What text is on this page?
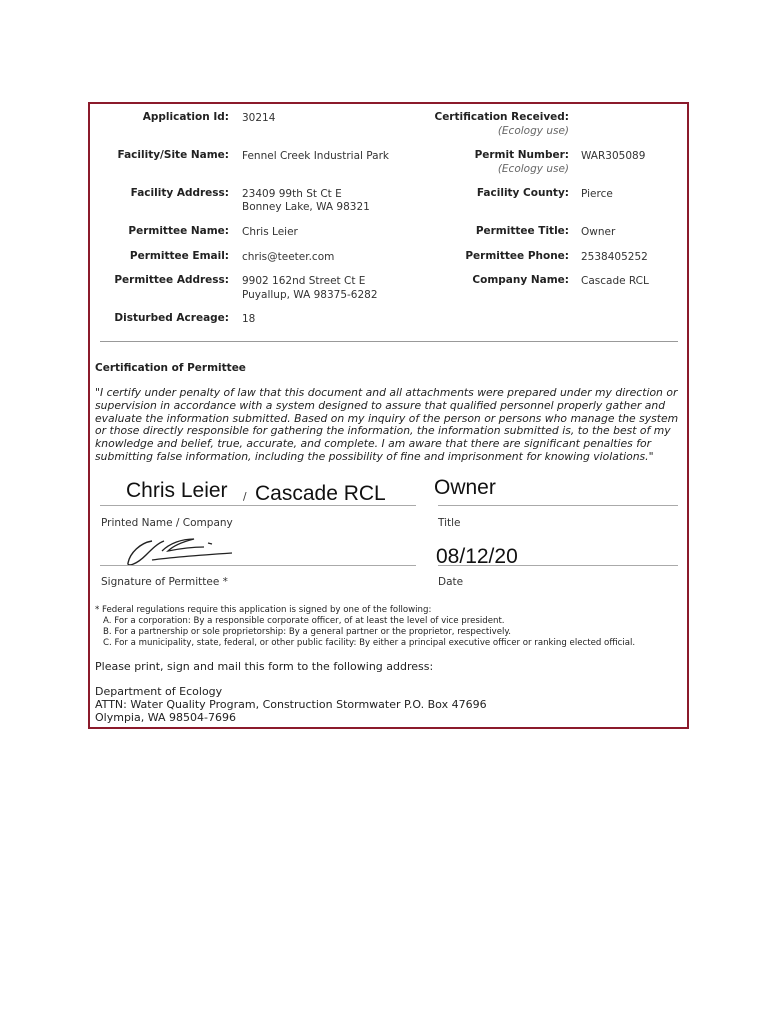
Application Id:
Facility/Site Name:
Facility Address:
Permittee Name:
Permittee Email:
Permittee Address:
Disturbed Acreage:
30214
Fennel Creek Industrial Park
23409 99th St Ct E
Bonney Lake, WA 98321
Chris Leier
chris@teeter.com
9902 162nd Street Ct E
Puyallup, WA 98375-6282
18
Certification Received:
(Ecology use)
Permit Number:
(Ecology use)
Facility County:
Permittee Title:
Permittee Phone:
Company Name:
WAR305089
Pierce
Owner
2538405252
Cascade RCL
Certification of Permittee
"I certify under penalty of law that this document and all attachments were prepared under my direction or supervision in accordance with a system designed to assure that qualified personnel properly gather and evaluate the information submitted. Based on my inquiry of the person or persons who manage the system or those directly responsible for gathering the information, the information submitted is, to the best of my knowledge and belief, true, accurate, and complete. I am aware that there are significant penalties for submitting false information, including the possibility of fine and imprisonment for knowing violations."
Chris Leier / Cascade RCL
Printed Name / Company
Owner
Title
Signature of Permittee *
08/12/20
Date
* Federal regulations require this application is signed by one of the following:
A. For a corporation: By a responsible corporate officer, of at least the level of vice president.
B. For a partnership or sole proprietorship: By a general partner or the proprietor, respectively.
C. For a municipality, state, federal, or other public facility: By either a principal executive officer or ranking elected official.
Please print, sign and mail this form to the following address:
Department of Ecology
ATTN: Water Quality Program, Construction Stormwater P.O. Box 47696
Olympia, WA 98504-7696
